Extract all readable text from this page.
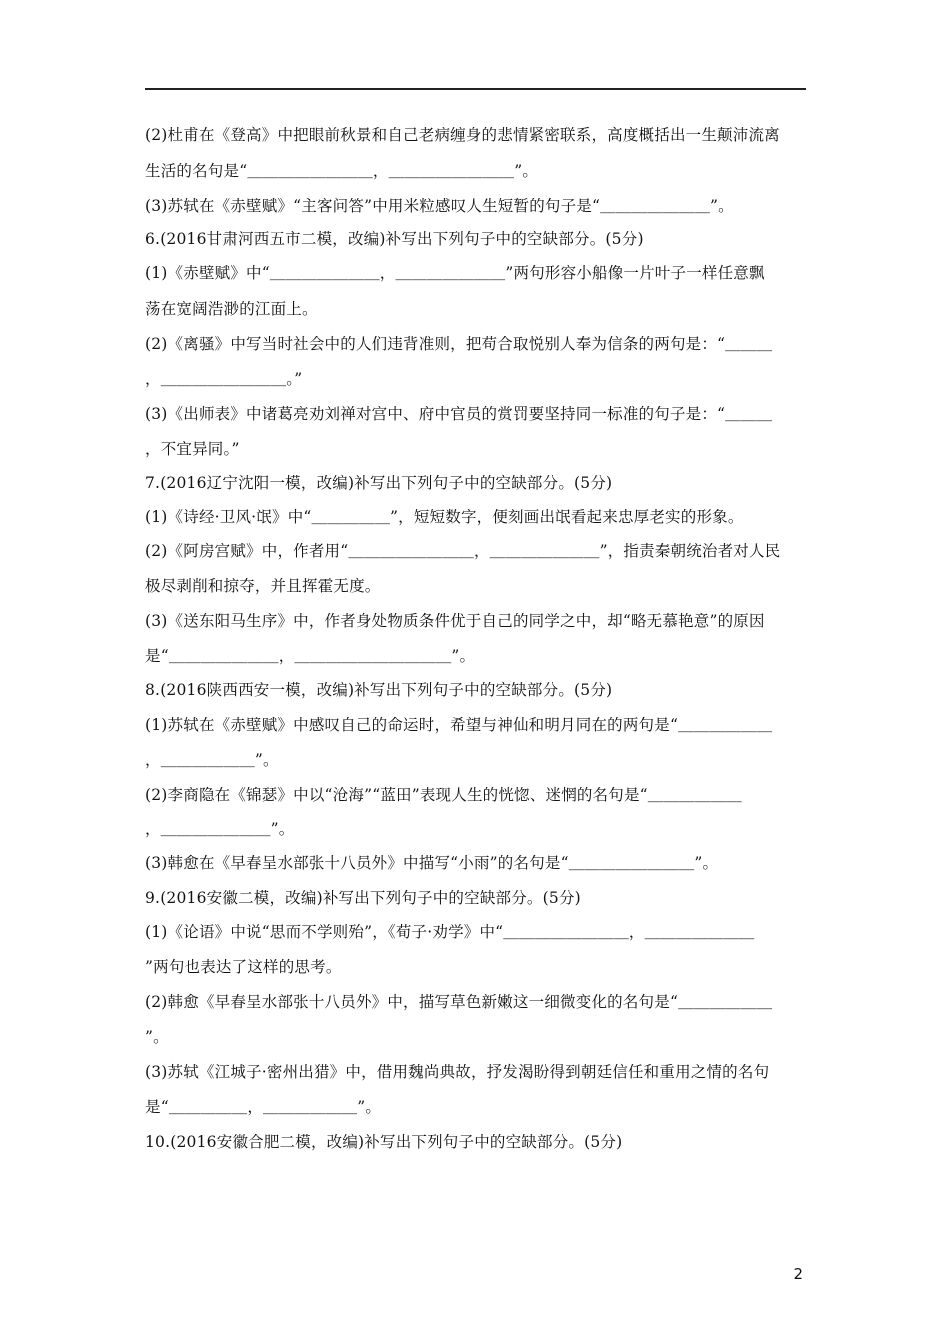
(2)杜甫在《登高》中把眼前秋景和自己老病缠身的悲情紧密联系，高度概括出一生颠沛流离
生活的名句是“＿＿＿＿＿＿＿＿，＿＿＿＿＿＿＿＿”。
(3)苏轼在《赤壁赋》“主客问答”中用米粒感叹人生短暂的句子是“＿＿＿＿＿＿＿”。
6.(2016甘肃河西五市二模，改编)补写出下列句子中的空缺部分。(5分)
(1)《赤壁赋》中“＿＿＿＿＿＿＿，＿＿＿＿＿＿＿”两句形容小船像一片叶子一样任意飘
荡在宽阔浩渺的江面上。
(2)《离骚》中写当时社会中的人们违背准则，把苟合取悦别人奉为信条的两句是：“＿＿＿
，＿＿＿＿＿＿＿＿。”
(3)《出师表》中诸葛亮劝刘禅对宫中、府中官员的赏罚要坚持同一标准的句子是：“＿＿＿
，不宜异同。”
7.(2016辽宁沈阳一模，改编)补写出下列句子中的空缺部分。(5分)
(1)《诗经·卫风·氓》中“＿＿＿＿＿”，短短数字，便刻画出氓看起来忠厚老实的形象。
(2)《阿房宫赋》中，作者用“＿＿＿＿＿＿＿＿，＿＿＿＿＿＿＿”，指责秦朝统治者对人民
极尽剥削和掠夺，并且挥霍无度。
(3)《送东阳马生序》中，作者身处物质条件优于自己的同学之中，却“略无慕艳意”的原因
是“＿＿＿＿＿＿＿，＿＿＿＿＿＿＿＿＿＿”。
8.(2016陕西西安一模，改编)补写出下列句子中的空缺部分。(5分)
(1)苏轼在《赤壁赋》中感叹自己的命运时，希望与神仙和明月同在的两句是“＿＿＿＿＿＿
，＿＿＿＿＿＿”。
(2)李商隐在《锦瑟》中以“沧海”“蓝田”表现人生的恍惚、迷惘的名句是“＿＿＿＿＿＿
，＿＿＿＿＿＿＿”。
(3)韩愈在《早春呈水部张十八员外》中描写“小雨”的名句是“＿＿＿＿＿＿＿＿”。
9.(2016安徽二模，改编)补写出下列句子中的空缺部分。(5分)
(1)《论语》中说“思而不学则殆”，《荀子·劝学》中“＿＿＿＿＿＿＿＿，＿＿＿＿＿＿＿
”两句也表达了这样的思考。
(2)韩愈《早春呈水部张十八员外》中，描写草色新嫩这一细微变化的名句是“＿＿＿＿＿＿
”。
(3)苏轼《江城子·密州出猎》中，借用魏尚典故，抒发渴盼得到朝廷信任和重用之情的名句
是“＿＿＿＿＿，＿＿＿＿＿＿”。
10.(2016安徽合肥二模，改编)补写出下列句子中的空缺部分。(5分)
2
